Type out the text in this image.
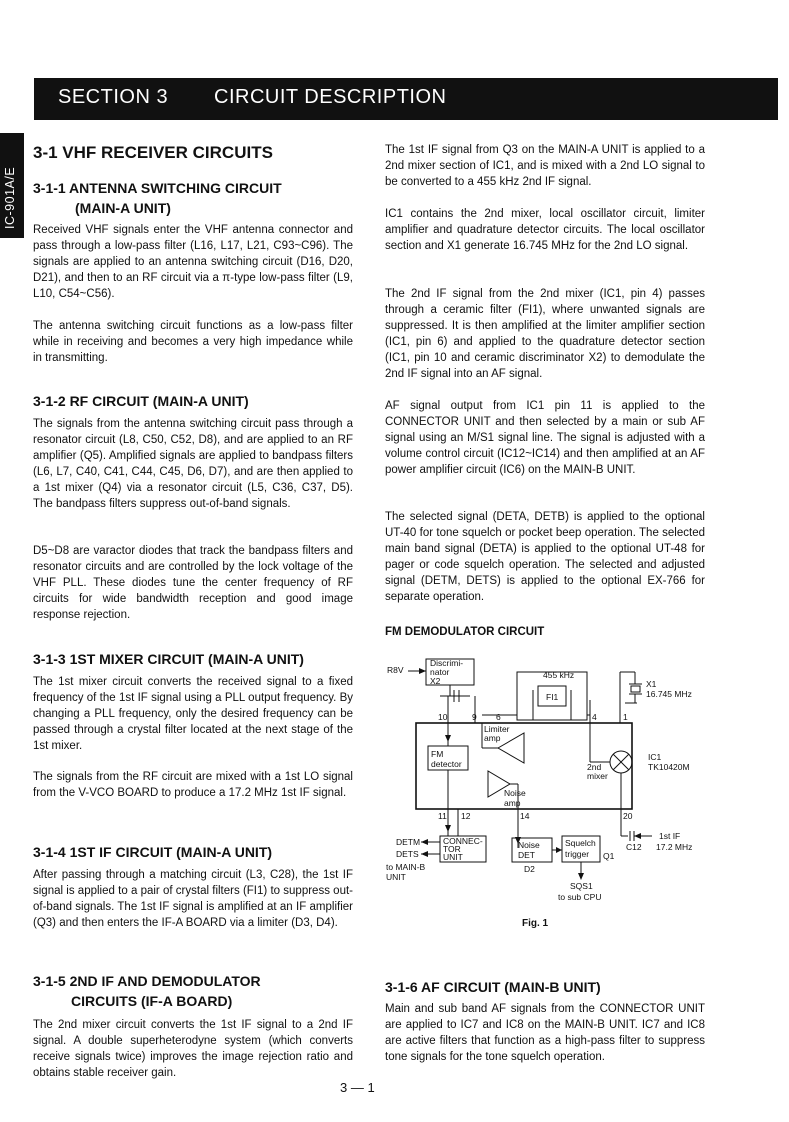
SECTION 3 CIRCUIT DESCRIPTION
IC-901A/E
3-1 VHF RECEIVER CIRCUITS
3-1-1 ANTENNA SWITCHING CIRCUIT
(MAIN-A UNIT)
Received VHF signals enter the VHF antenna connector and pass through a low-pass filter (L16, L17, L21, C93~C96). The signals are applied to an antenna switching circuit (D16, D20, D21), and then to an RF circuit via a π-type low-pass filter (L9, L10, C54~C56).
The antenna switching circuit functions as a low-pass filter while in receiving and becomes a very high impedance while in transmitting.
3-1-2 RF CIRCUIT (MAIN-A UNIT)
The signals from the antenna switching circuit pass through a resonator circuit (L8, C50, C52, D8), and are applied to an RF amplifier (Q5). Amplified signals are applied to bandpass filters (L6, L7, C40, C41, C44, C45, D6, D7), and are then applied to a 1st mixer (Q4) via a resonator circuit (L5, C36, C37, D5). The bandpass filters suppress out-of-band signals.
D5~D8 are varactor diodes that track the bandpass filters and resonator circuits and are controlled by the lock voltage of the VHF PLL. These diodes tune the center frequency of RF circuits for wide bandwidth reception and good image response rejection.
3-1-3 1ST MIXER CIRCUIT (MAIN-A UNIT)
The 1st mixer circuit converts the received signal to a fixed frequency of the 1st IF signal using a PLL output frequency. By changing a PLL frequency, only the desired frequency can be passed through a crystal filter located at the next stage of the 1st mixer.
The signals from the RF circuit are mixed with a 1st LO signal from the V-VCO BOARD to produce a 17.2 MHz 1st IF signal.
3-1-4 1ST IF CIRCUIT (MAIN-A UNIT)
After passing through a matching circuit (L3, C28), the 1st IF signal is applied to a pair of crystal filters (FI1) to suppress out-of-band signals. The 1st IF signal is amplified at an IF amplifier (Q3) and then enters the IF-A BOARD via a limiter (D3, D4).
3-1-5 2ND IF AND DEMODULATOR
CIRCUITS (IF-A BOARD)
The 2nd mixer circuit converts the 1st IF signal to a 2nd IF signal. A double superheterodyne system (which converts receive signals twice) improves the image rejection ratio and obtains stable receiver gain.
The 1st IF signal from Q3 on the MAIN-A UNIT is applied to a 2nd mixer section of IC1, and is mixed with a 2nd LO signal to be converted to a 455 kHz 2nd IF signal.
IC1 contains the 2nd mixer, local oscillator circuit, limiter amplifier and quadrature detector circuits. The local oscillator section and X1 generate 16.745 MHz for the 2nd LO signal.
The 2nd IF signal from the 2nd mixer (IC1, pin 4) passes through a ceramic filter (FI1), where unwanted signals are suppressed. It is then amplified at the limiter amplifier section (IC1, pin 6) and applied to the quadrature detector section (IC1, pin 10 and ceramic discriminator X2) to demodulate the 2nd IF signal into an AF signal.
AF signal output from IC1 pin 11 is applied to the CONNECTOR UNIT and then selected by a main or sub AF signal using an M/S1 signal line. The signal is adjusted with a volume control circuit (IC12~IC14) and then amplified at an AF power amplifier circuit (IC6) on the MAIN-B UNIT.
The selected signal (DETA, DETB) is applied to the optional UT-40 for tone squelch or pocket beep operation. The selected main band signal (DETA) is applied to the optional UT-48 for pager or code squelch operation. The selected and adjusted signal (DETM, DETS) is applied to the optional EX-766 for separate operation.
FM DEMODULATOR CIRCUIT
R8V
Discrimi-
nator
X2
455 kHz
FI1
X1
16.745 MHz
10	9 6	4	1
Limiter
amp
FM
detector
IC1
TK10420M
2nd
mixer
Noise
amp
11 12	14	20
DETM
DETS
CONNEC-
TOR
UNIT
to MAIN-B
UNIT
Noise
DET
D2
Squelch
trigger Q1
C12
1st IF
17.2 MHz
SQS1
to sub CPU
Fig. 1
3-1-6 AF CIRCUIT (MAIN-B UNIT)
Main and sub band AF signals from the CONNECTOR UNIT are applied to IC7 and IC8 on the MAIN-B UNIT. IC7 and IC8 are active filters that function as a high-pass filter to suppress tone signals for the tone squelch operation.
3 — 1
